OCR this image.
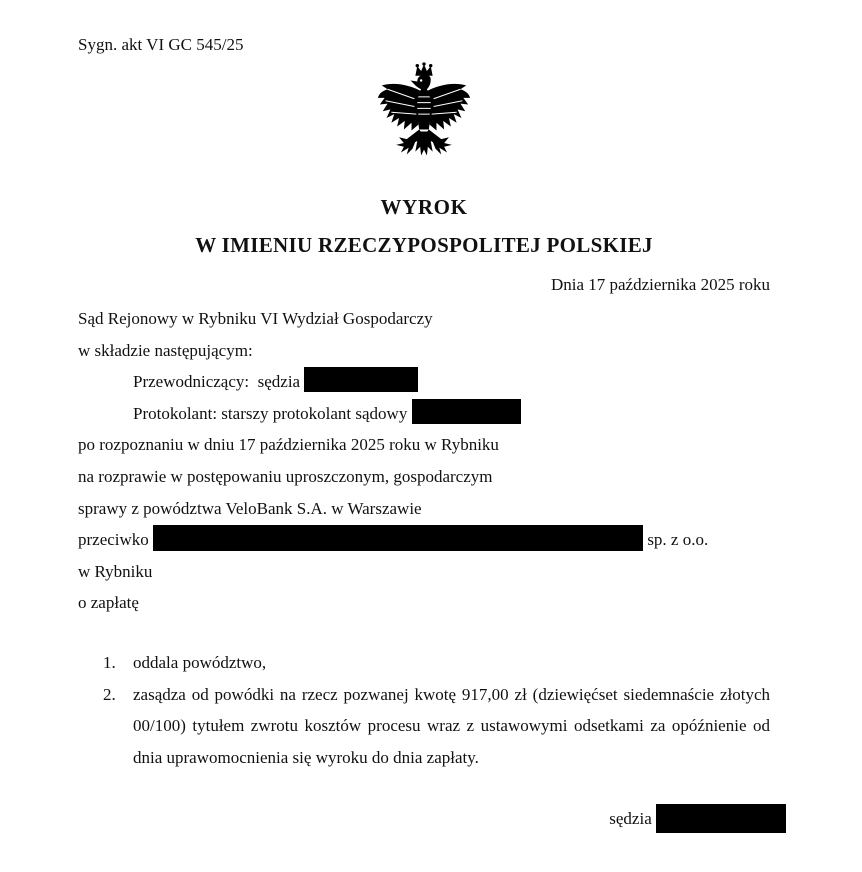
Sygn. akt VI GC 545/25
WYROK
W IMIENIU RZECZYPOSPOLITEJ POLSKIEJ
Dnia 17 października 2025 roku
Sąd Rejonowy w Rybniku VI Wydział Gospodarczy
w składzie następującym:
Przewodniczący:  sędzia
Protokolant: starszy protokolant sądowy
po rozpoznaniu w dniu 17 października 2025 roku w Rybniku
na rozprawie w postępowaniu uproszczonym, gospodarczym
sprawy z powództwa VeloBank S.A. w Warszawie
przeciwko	sp. z o.o.
w Rybniku
o zapłatę
1. oddala powództwo,
2. zasądza od powódki na rzecz pozwanej kwotę 917,00 zł (dziewięćset siedemnaście złotych 00/100) tytułem zwrotu kosztów procesu wraz z ustawowymi odsetkami za opóźnienie od dnia uprawomocnienia się wyroku do dnia zapłaty.
sędzia
